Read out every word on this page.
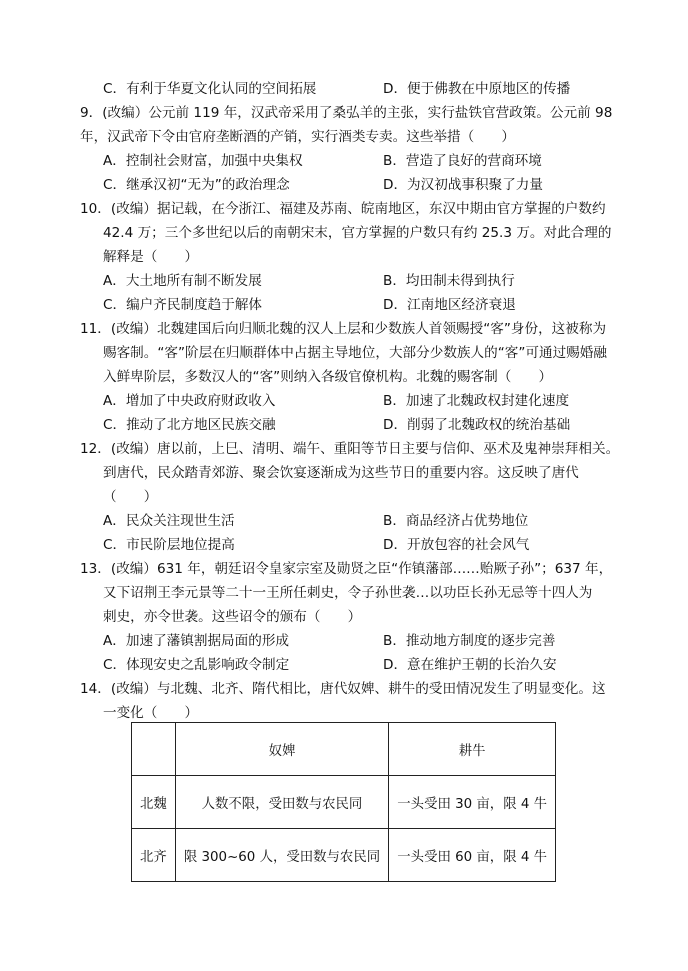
C．有利于华夏文化认同的空间拓展	D．便于佛教在中原地区的传播
9．(改编）公元前 119 年，汉武帝采用了桑弘羊的主张，实行盐铁官营政策。公元前 98
年，汉武帝下令由官府垄断酒的产销，实行酒类专卖。这些举措（　　）
A．控制社会财富，加强中央集权	B．营造了良好的营商环境
C．继承汉初“无为”的政治理念	D．为汉初战事积聚了力量
10．(改编）据记载，在今浙江、福建及苏南、皖南地区，东汉中期由官方掌握的户数约
42.4 万；三个多世纪以后的南朝宋末，官方掌握的户数只有约 25.3 万。对此合理的
解释是（　　）
A．大土地所有制不断发展	B．均田制未得到执行
C．编户齐民制度趋于解体	D．江南地区经济衰退
11．(改编）北魏建国后向归顺北魏的汉人上层和少数族人首领赐授“客”身份，这被称为
赐客制。“客”阶层在归顺群体中占据主导地位，大部分少数族人的“客”可通过赐婚融
入鲜卑阶层，多数汉人的“客”则纳入各级官僚机构。北魏的赐客制（　　）
A．增加了中央政府财政收入	B．加速了北魏政权封建化速度
C．推动了北方地区民族交融	D．削弱了北魏政权的统治基础
12．(改编）唐以前，上巳、清明、端午、重阳等节日主要与信仰、巫术及鬼神崇拜相关。
到唐代，民众踏青郊游、聚会饮宴逐渐成为这些节日的重要内容。这反映了唐代
（　　）
A．民众关注现世生活	B．商品经济占优势地位
C．市民阶层地位提高	D．开放包容的社会风气
13．(改编）631 年，朝廷诏令皇家宗室及勋贤之臣“作镇藩部……贻厥子孙”；637 年，
又下诏荆王李元景等二十一王所任刺史，令子孙世袭…以功臣长孙无忌等十四人为
刺史，亦令世袭。这些诏令的颁布（　　）
A．加速了藩镇割据局面的形成	B．推动地方制度的逐步完善
C．体现安史之乱影响政令制定	D．意在维护王朝的长治久安
14．(改编）与北魏、北齐、隋代相比，唐代奴婢、耕牛的受田情况发生了明显变化。这
一变化（　　）
	奴婢	耕牛
北魏	人数不限，受田数与农民同	一头受田 30 亩，限 4 牛
北齐	限 300~60 人，受田数与农民同	一头受田 60 亩，限 4 牛
